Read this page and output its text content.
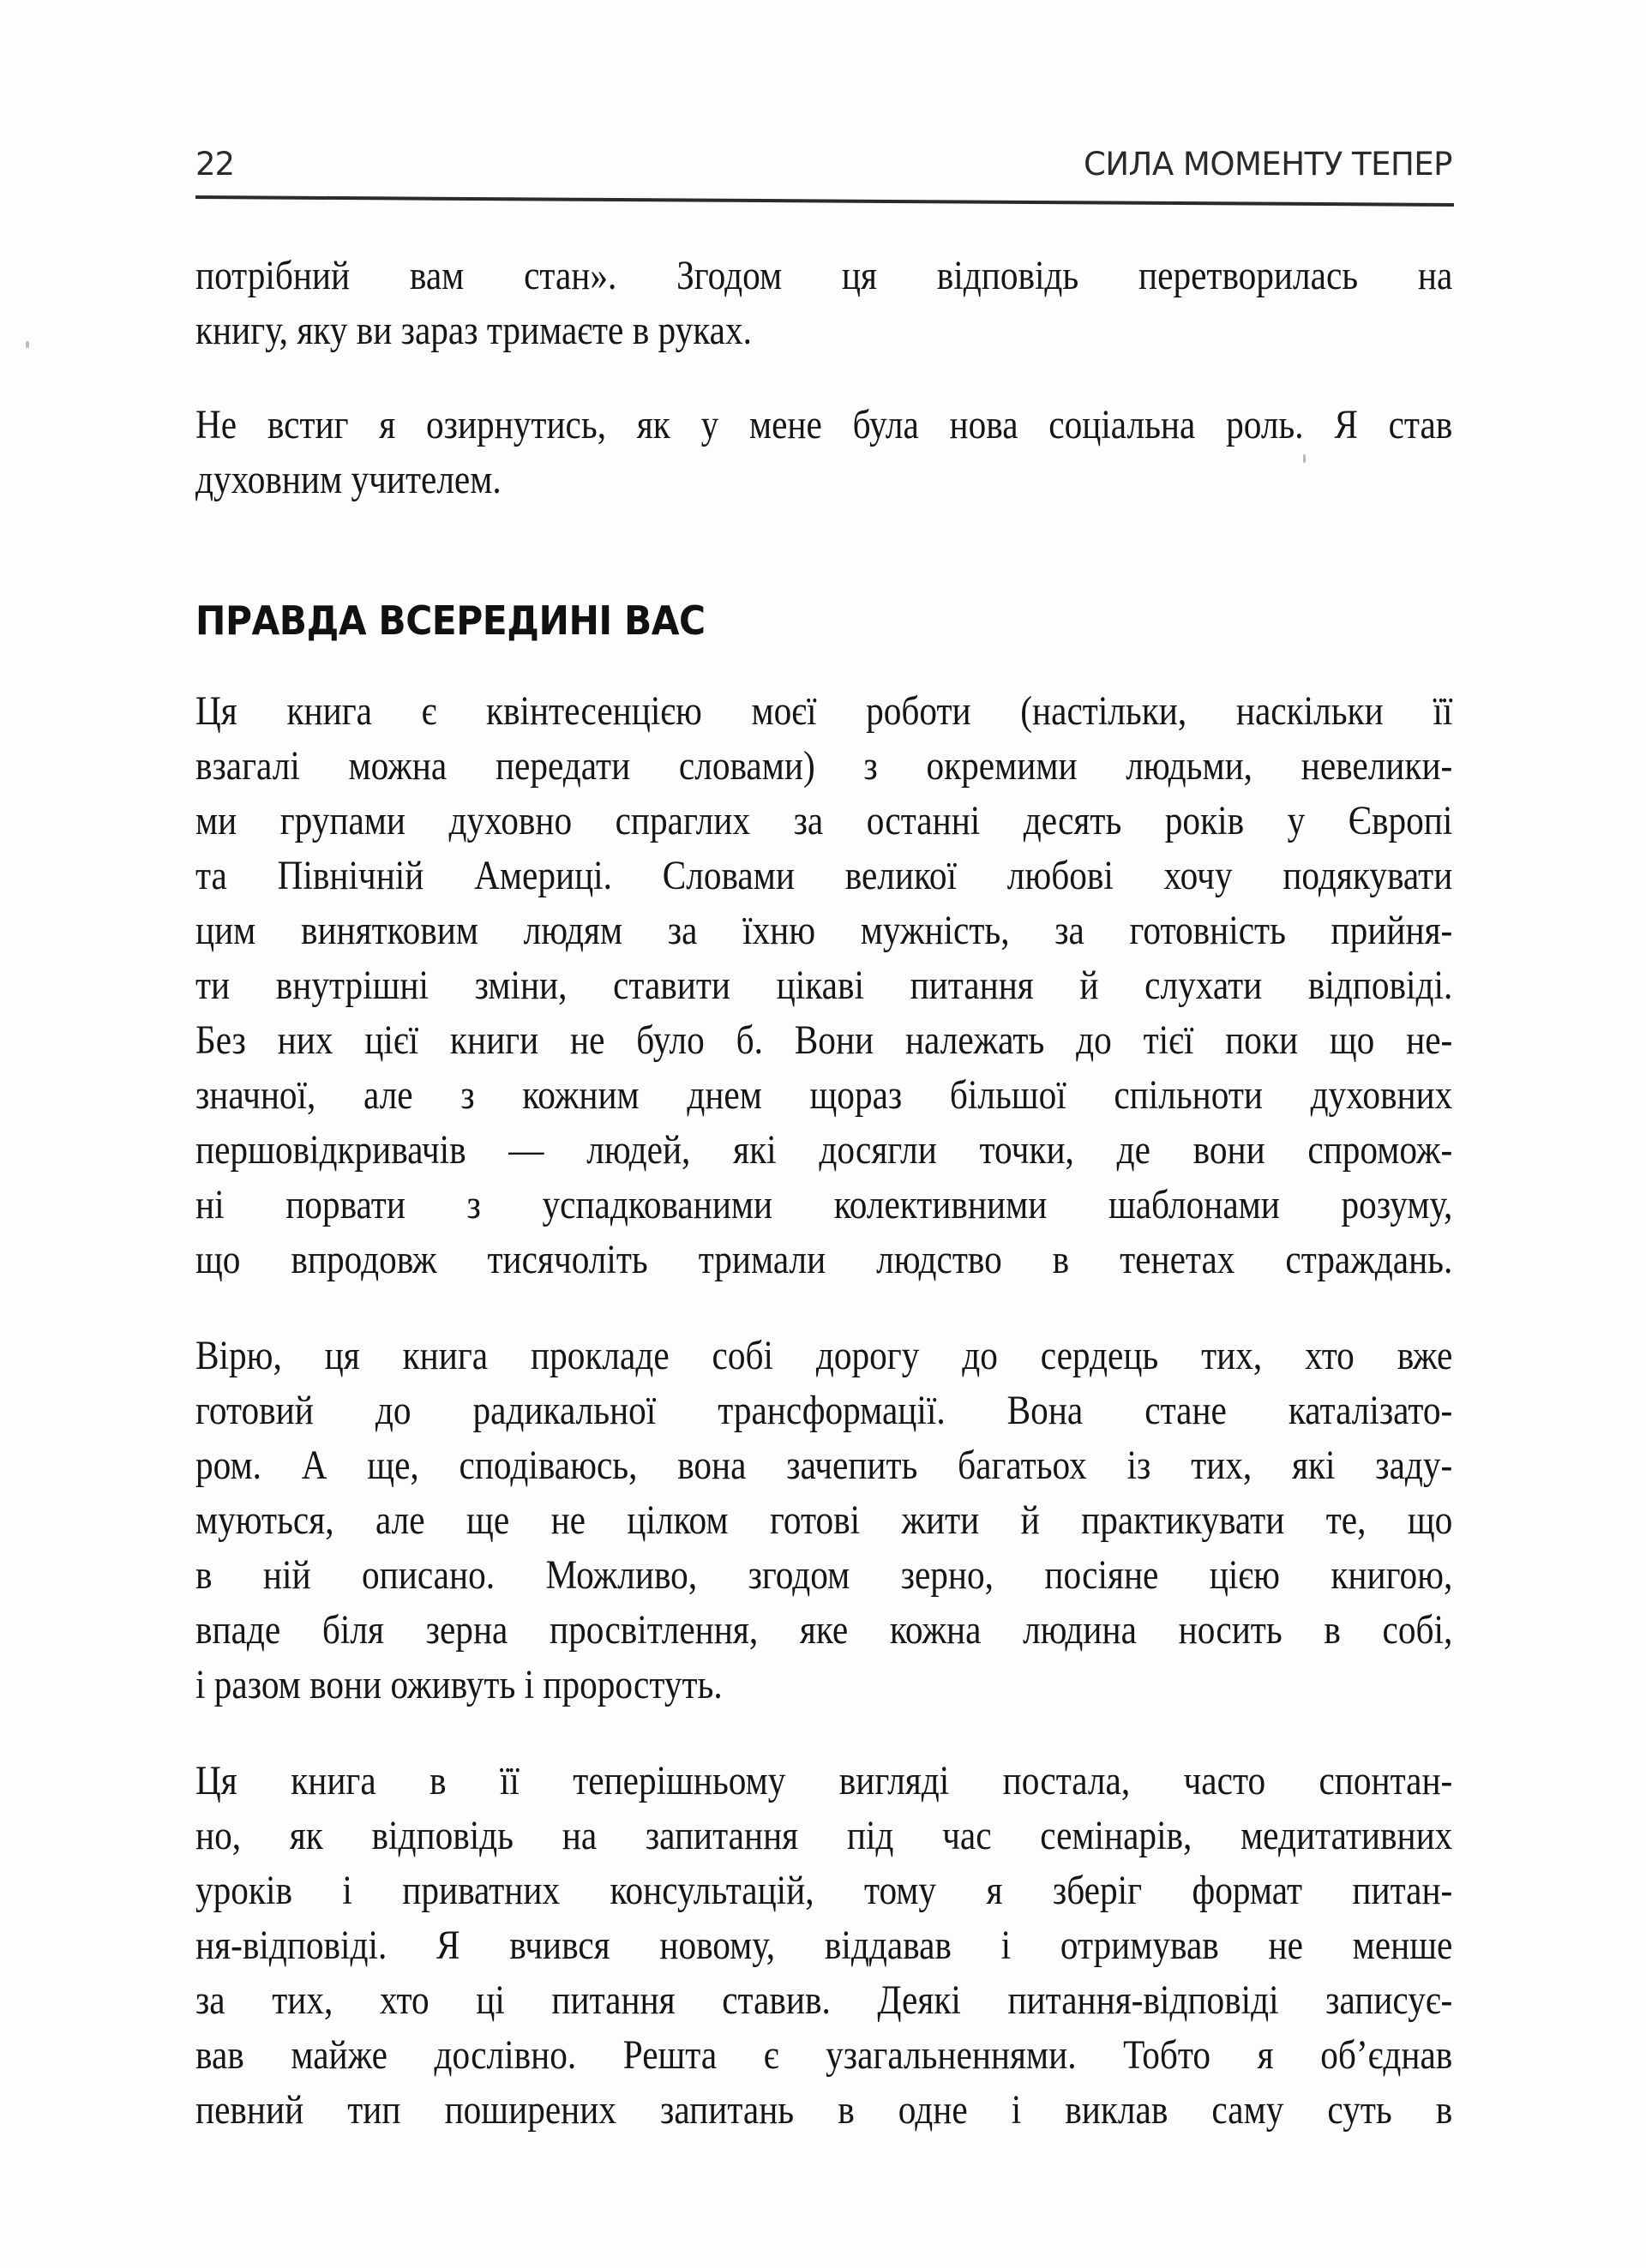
22	СИЛА МОМЕНТУ ТЕПЕР
потрібний вам стан». Згодом ця відповідь перетворилась на
книгу, яку ви зараз тримаєте в руках.
Не встиг я озирнутись, як у мене була нова соціальна роль. Я став
духовним учителем.
ПРАВДА ВСЕРЕДИНІ ВАС
Ця книга є квінтесенцією моєї роботи (настільки, наскільки її
взагалі можна передати словами) з окремими людьми, невелики-
ми групами духовно спраглих за останні десять років у Європі
та Північній Америці. Словами великої любові хочу подякувати
цим винятковим людям за їхню мужність, за готовність прийня-
ти внутрішні зміни, ставити цікаві питання й слухати відповіді.
Без них цієї книги не було б. Вони належать до тієї поки що не-
значної, але з кожним днем щораз більшої спільноти духовних
першовідкривачів — людей, які досягли точки, де вони спромож-
ні порвати з успадкованими колективними шаблонами розуму,
що впродовж тисячоліть тримали людство в тенетах страждань.
Вірю, ця книга прокладе собі дорогу до сердець тих, хто вже
готовий до радикальної трансформації. Вона стане каталізато-
ром. А ще, сподіваюсь, вона зачепить багатьох із тих, які заду-
муються, але ще не цілком готові жити й практикувати те, що
в ній описано. Можливо, згодом зерно, посіяне цією книгою,
впаде біля зерна просвітлення, яке кожна людина носить в собі,
і разом вони оживуть і проростуть.
Ця книга в її теперішньому вигляді постала, часто спонтан-
но, як відповідь на запитання під час семінарів, медитативних
уроків і приватних консультацій, тому я зберіг формат питан-
ня-відповіді. Я вчився новому, віддавав і отримував не менше
за тих, хто ці питання ставив. Деякі питання-відповіді записує-
вав майже дослівно. Решта є узагальненнями. Тобто я об’єднав
певний тип поширених запитань в одне і виклав саму суть в
